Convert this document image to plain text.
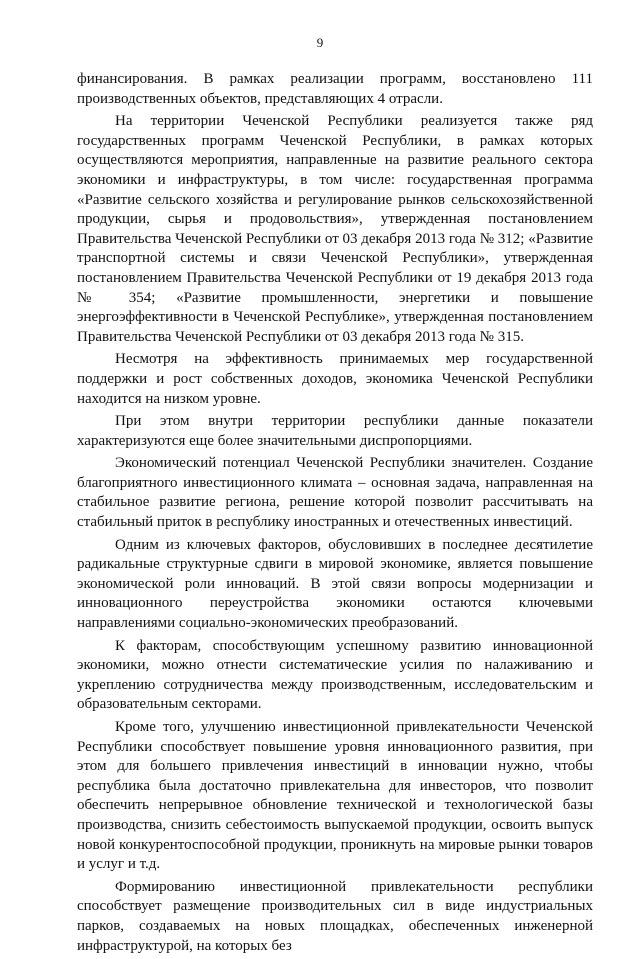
9

финансирования. В рамках реализации программ, восстановлено 111 производственных объектов, представляющих 4 отрасли.

На территории Чеченской Республики реализуется также ряд государственных программ Чеченской Республики, в рамках которых осуществляются мероприятия, направленные на развитие реального сектора экономики и инфраструктуры, в том числе: государственная программа «Развитие сельского хозяйства и регулирование рынков сельскохозяйственной продукции, сырья и продовольствия», утвержденная постановлением Правительства Чеченской Республики от 03 декабря 2013 года № 312; «Развитие транспортной системы и связи Чеченской Республики», утвержденная постановлением Правительства Чеченской Республики от 19 декабря 2013 года № 354; «Развитие промышленности, энергетики и повышение энергоэффективности в Чеченской Республике», утвержденная постановлением Правительства Чеченской Республики от 03 декабря 2013 года № 315.

Несмотря на эффективность принимаемых мер государственной поддержки и рост собственных доходов, экономика Чеченской Республики находится на низком уровне.

При этом внутри территории республики данные показатели характеризуются еще более значительными диспропорциями.

Экономический потенциал Чеченской Республики значителен. Создание благоприятного инвестиционного климата – основная задача, направленная на стабильное развитие региона, решение которой позволит рассчитывать на стабильный приток в республику иностранных и отечественных инвестиций.

Одним из ключевых факторов, обусловивших в последнее десятилетие радикальные структурные сдвиги в мировой экономике, является повышение экономической роли инноваций. В этой связи вопросы модернизации и инновационного переустройства экономики остаются ключевыми направлениями социально-экономических преобразований.

К факторам, способствующим успешному развитию инновационной экономики, можно отнести систематические усилия по налаживанию и укреплению сотрудничества между производственным, исследовательским и образовательным секторами.

Кроме того, улучшению инвестиционной привлекательности Чеченской Республики способствует повышение уровня инновационного развития, при этом для большего привлечения инвестиций в инновации нужно, чтобы республика была достаточно привлекательна для инвесторов, что позволит обеспечить непрерывное обновление технической и технологической базы производства, снизить себестоимость выпускаемой продукции, освоить выпуск новой конкурентоспособной продукции, проникнуть на мировые рынки товаров и услуг и т.д.

Формированию инвестиционной привлекательности республики способствует размещение производительных сил в виде индустриальных парков, создаваемых на новых площадках, обеспеченных инженерной инфраструктурой, на которых без
